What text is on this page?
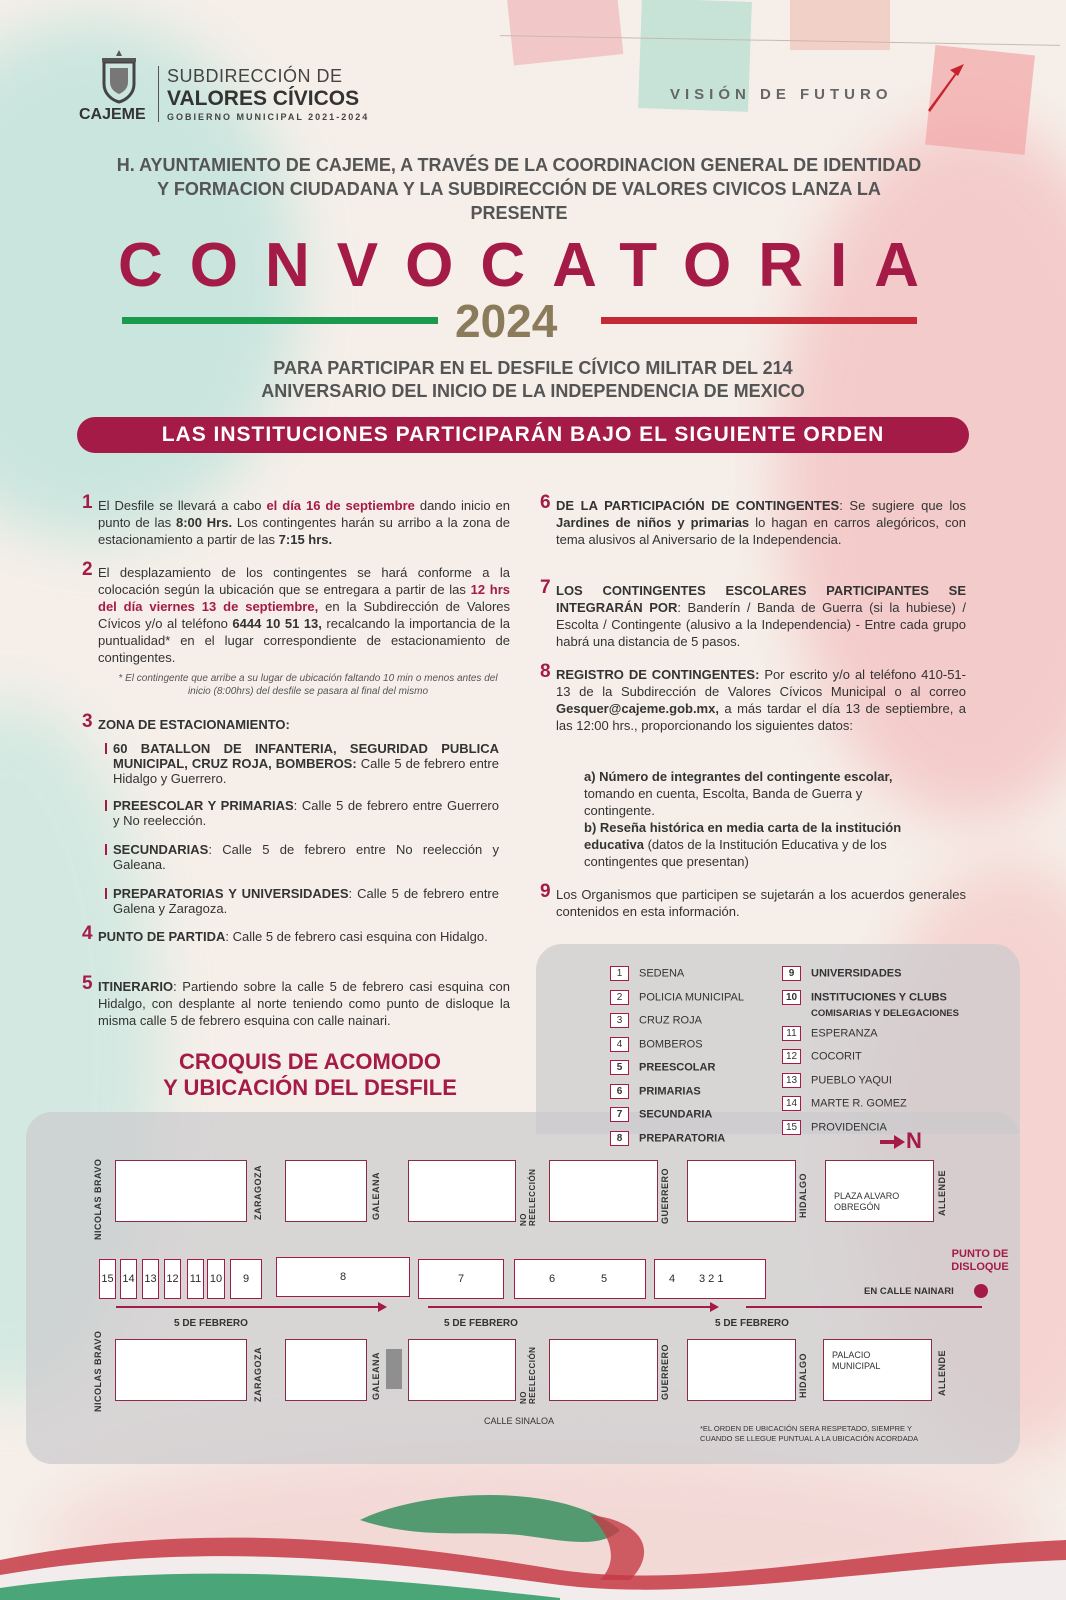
CAJEME
SUBDIRECCIÓN DE
VALORES CÍVICOS
GOBIERNO MUNICIPAL 2021-2024
VISIÓN DE FUTURO
H. AYUNTAMIENTO DE CAJEME, A TRAVÉS DE LA COORDINACION GENERAL DE IDENTIDAD Y FORMACION CIUDADANA Y LA SUBDIRECCIÓN DE VALORES CIVICOS LANZA LA PRESENTE
CONVOCATORIA
2024
PARA PARTICIPAR EN EL DESFILE CÍVICO MILITAR DEL 214
ANIVERSARIO DEL INICIO DE LA INDEPENDENCIA DE MEXICO
LAS INSTITUCIONES PARTICIPARÁN BAJO EL SIGUIENTE ORDEN
1 El Desfile se llevará a cabo el día 16 de septiembre dando inicio en punto de las 8:00 Hrs. Los contingentes harán su arribo a la zona de estacionamiento a partir de las 7:15 hrs.
2 El desplazamiento de los contingentes se hará conforme a la colocación según la ubicación que se entregara a partir de las 12 hrs del día viernes 13 de septiembre, en la Subdirección de Valores Cívicos y/o al teléfono 6444 10 51 13, recalcando la importancia de la puntualidad* en el lugar correspondiente de estacionamiento de contingentes.
* El contingente que arribe a su lugar de ubicación faltando 10 min o menos antes del inicio (8:00hrs) del desfile se pasara al final del mismo
3 ZONA DE ESTACIONAMIENTO:
60 BATALLON DE INFANTERIA, SEGURIDAD PUBLICA MUNICIPAL, CRUZ ROJA, BOMBEROS: Calle 5 de febrero entre Hidalgo y Guerrero.
PREESCOLAR Y PRIMARIAS: Calle 5 de febrero entre Guerrero y No reelección.
SECUNDARIAS: Calle 5 de febrero entre No reelección y Galeana.
PREPARATORIAS Y UNIVERSIDADES: Calle 5 de febrero entre Galena y Zaragoza.
4 PUNTO DE PARTIDA: Calle 5 de febrero casi esquina con Hidalgo.
5 ITINERARIO: Partiendo sobre la calle 5 de febrero casi esquina con Hidalgo, con desplante al norte teniendo como punto de disloque la misma calle 5 de febrero esquina con calle nainari.
6 DE LA PARTICIPACIÓN DE CONTINGENTES: Se sugiere que los Jardines de niños y primarias lo hagan en carros alegóricos, con tema alusivos al Aniversario de la Independencia.
7 LOS CONTINGENTES ESCOLARES PARTICIPANTES SE INTEGRARÁN POR: Banderín / Banda de Guerra (si la hubiese) / Escolta / Contingente (alusivo a la Independencia) - Entre cada grupo habrá una distancia de 5 pasos.
8 REGISTRO DE CONTINGENTES: Por escrito y/o al teléfono 410-51-13 de la Subdirección de Valores Cívicos Municipal o al correo Gesquer@cajeme.gob.mx, a más tardar el día 13 de septiembre, a las 12:00 hrs., proporcionando los siguientes datos:
a) Número de integrantes del contingente escolar, tomando en cuenta, Escolta, Banda de Guerra y contingente.
b) Reseña histórica en media carta de la institución educativa (datos de la Institución Educativa y de los contingentes que presentan)
9 Los Organismos que participen se sujetarán a los acuerdos generales contenidos en esta información.
1 SEDENA
2 POLICIA MUNICIPAL
3 CRUZ ROJA
4 BOMBEROS
5 PREESCOLAR
6 PRIMARIAS
7 SECUNDARIA
8 PREPARATORIA
9 UNIVERSIDADES
10 INSTITUCIONES Y CLUBS
COMISARIAS Y DELEGACIONES
11 ESPERANZA
12 COCORIT
13 PUEBLO YAQUI
14 MARTE R. GOMEZ
15 PROVIDENCIA
CROQUIS DE ACOMODO
Y UBICACIÓN DEL DESFILE
N
PLAZA ALVARO OBREGÓN
PALACIO MUNICIPAL
NICOLAS BRAVO	ZARAGOZA	GALEANA	NO REELECCIÓN	GUERRERO	HIDALGO	ALLENDE
NICOLAS BRAVO	ZARAGOZA	GALEANA	NO REELECCIÓN	GUERRERO	HIDALGO	ALLENDE
15 14 13 12 11 10	9	8	7	6	5	4 3 2 1
5 DE FEBRERO	5 DE FEBRERO	5 DE FEBRERO
PUNTO DE DISLOQUE
EN CALLE NAINARI
CALLE SINALOA
*EL ORDEN DE UBICACIÓN SERA RESPETADO, SIEMPRE Y CUANDO SE LLEGUE PUNTUAL A LA UBICACIÓN ACORDADA
